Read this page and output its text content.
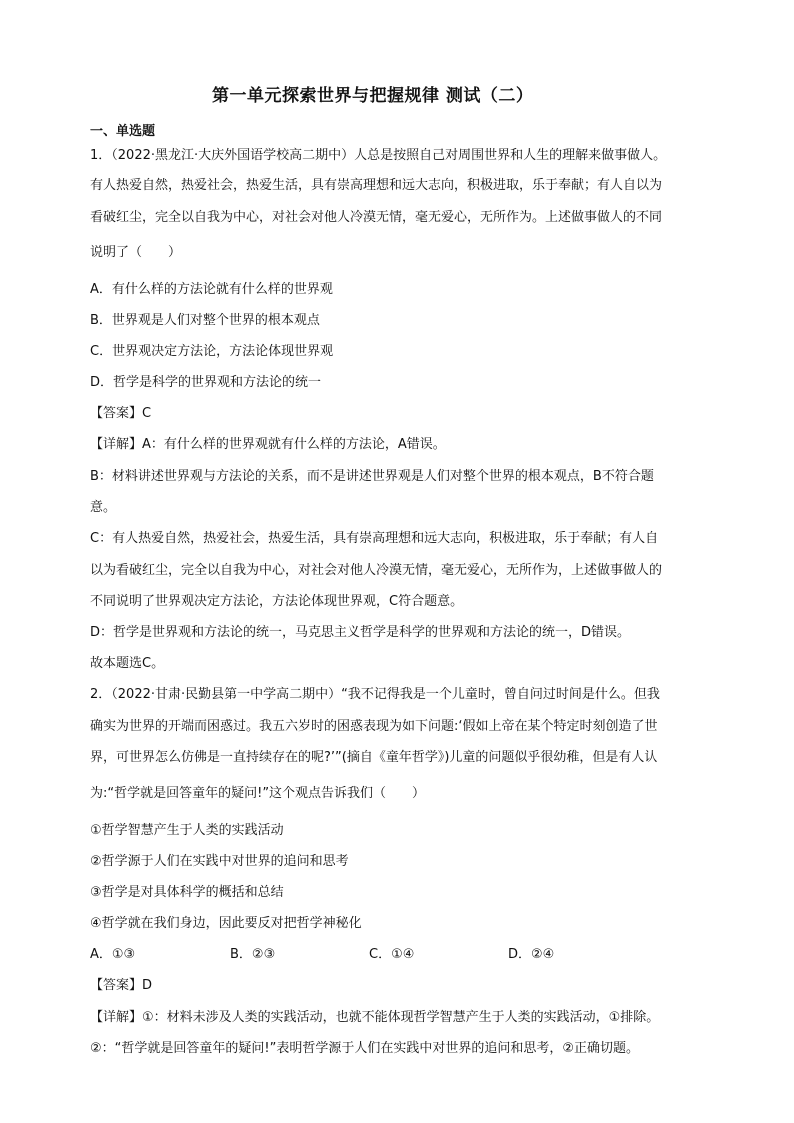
第一单元探索世界与把握规律 测试（二）
一、单选题
1．（2022·黑龙江·大庆外国语学校高二期中）人总是按照自己对周围世界和人生的理解来做事做人。
有人热爱自然，热爱社会，热爱生活，具有崇高理想和远大志向，积极进取，乐于奉献；有人自以为
看破红尘，完全以自我为中心，对社会对他人冷漠无情，毫无爱心，无所作为。上述做事做人的不同
说明了（　　）
A．有什么样的方法论就有什么样的世界观
B．世界观是人们对整个世界的根本观点
C．世界观决定方法论，方法论体现世界观
D．哲学是科学的世界观和方法论的统一
【答案】C
【详解】A：有什么样的世界观就有什么样的方法论，A错误。
B：材料讲述世界观与方法论的关系，而不是讲述世界观是人们对整个世界的根本观点，B不符合题
意。
C：有人热爱自然，热爱社会，热爱生活，具有崇高理想和远大志向，积极进取，乐于奉献；有人自
以为看破红尘，完全以自我为中心，对社会对他人冷漠无情，毫无爱心，无所作为，上述做事做人的
不同说明了世界观决定方法论，方法论体现世界观，C符合题意。
D：哲学是世界观和方法论的统一，马克思主义哲学是科学的世界观和方法论的统一，D错误。
故本题选C。
2．（2022·甘肃·民勤县第一中学高二期中）“我不记得我是一个儿童时，曾自问过时间是什么。但我
确实为世界的开端而困惑过。我五六岁时的困惑表现为如下问题:‘假如上帝在某个特定时刻创造了世
界，可世界怎么仿佛是一直持续存在的呢?’”(摘自《童年哲学》)儿童的问题似乎很幼稚，但是有人认
为:“哲学就是回答童年的疑问!”这个观点告诉我们（　　）
①哲学智慧产生于人类的实践活动
②哲学源于人们在实践中对世界的追问和思考
③哲学是对具体科学的概括和总结
④哲学就在我们身边，因此要反对把哲学神秘化
A．①③	B．②③	C．①④	D．②④
【答案】D
【详解】①：材料未涉及人类的实践活动，也就不能体现哲学智慧产生于人类的实践活动，①排除。
②：“哲学就是回答童年的疑问!”表明哲学源于人们在实践中对世界的追问和思考，②正确切题。
